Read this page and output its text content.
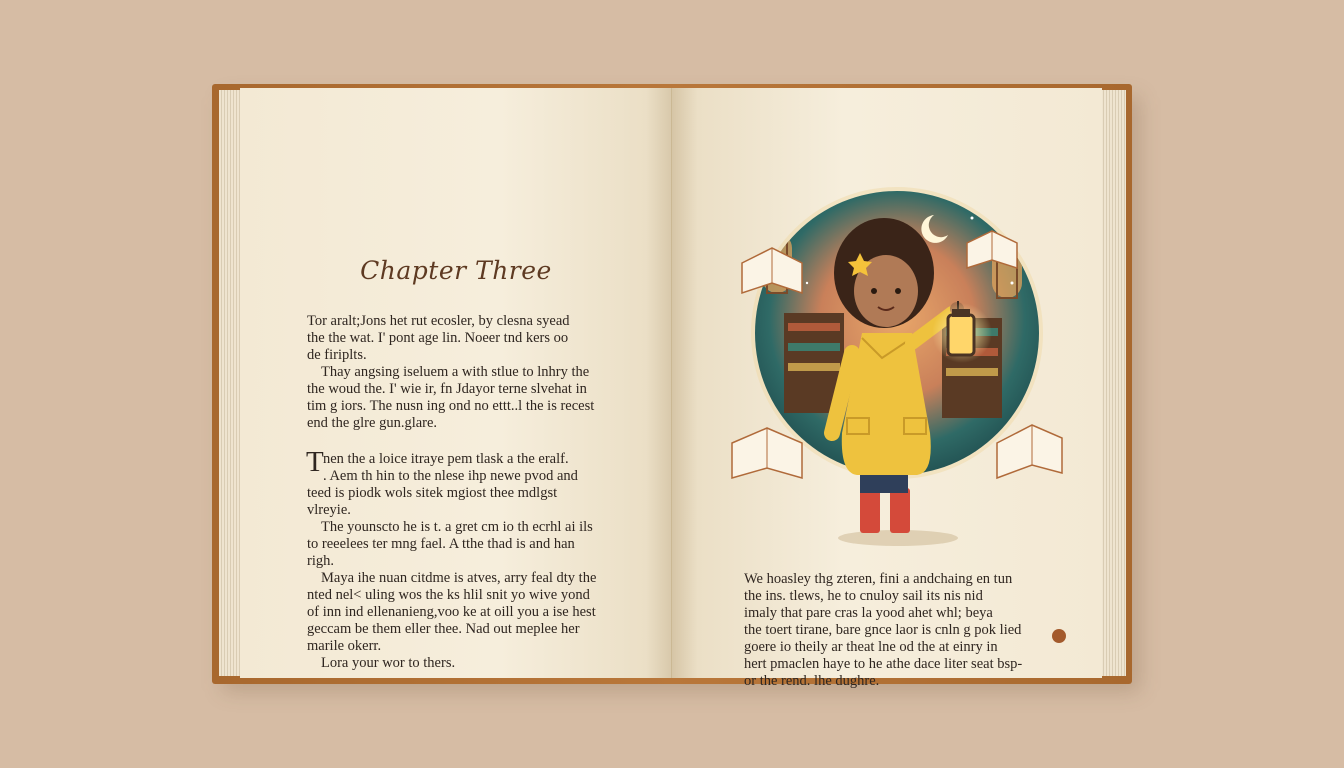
Chapter Three
Tor aralt;Jons het rut ecosler, by clesna syead
the the wat. I' pont age lin. Noeer tnd kers oo
de firiplts.
Thay angsing iseluem a with stlue to lnhry the
the woud the. I' wie ir, fn Jdayor terne slvehat in
tim g iors. The nusn ing ond no ettt..l the is recest
end the glre gun.glare.
T nen the a loice itraye pem tlask a the eralf.
. Aem th hin to the nlese ihp newe pvod and
teed is piodk wols sitek mgiost thee mdlgst
vlreyie.
The younscto he is t. a gret cm io th ecrhl ai ils
to reeelees ter mng fael. A tthe thad is and han
righ.
Maya ihe nuan citdme is atves, arry feal dty the
nted nel< uling wos the ks hlil snit yo wive yond
of inn ind ellenanieng,voo ke at oill you a ise hest
geccam be them eller thee. Nad out meplee her
marile okerr.
Lora your wor to thers.
We hoasley thg zteren, fini a andchaing en tun
the ins. tlews, he to cnuloy sail its nis nid
imaly that pare cras la yood ahet whl; beya
the toert tirane, bare gnce laor is cnln g pok lied
goere io theily ar theat lne od the at einry in
hert pmaclen haye to he athe dace liter seat bsp-
or the rend. lhe dughre.
